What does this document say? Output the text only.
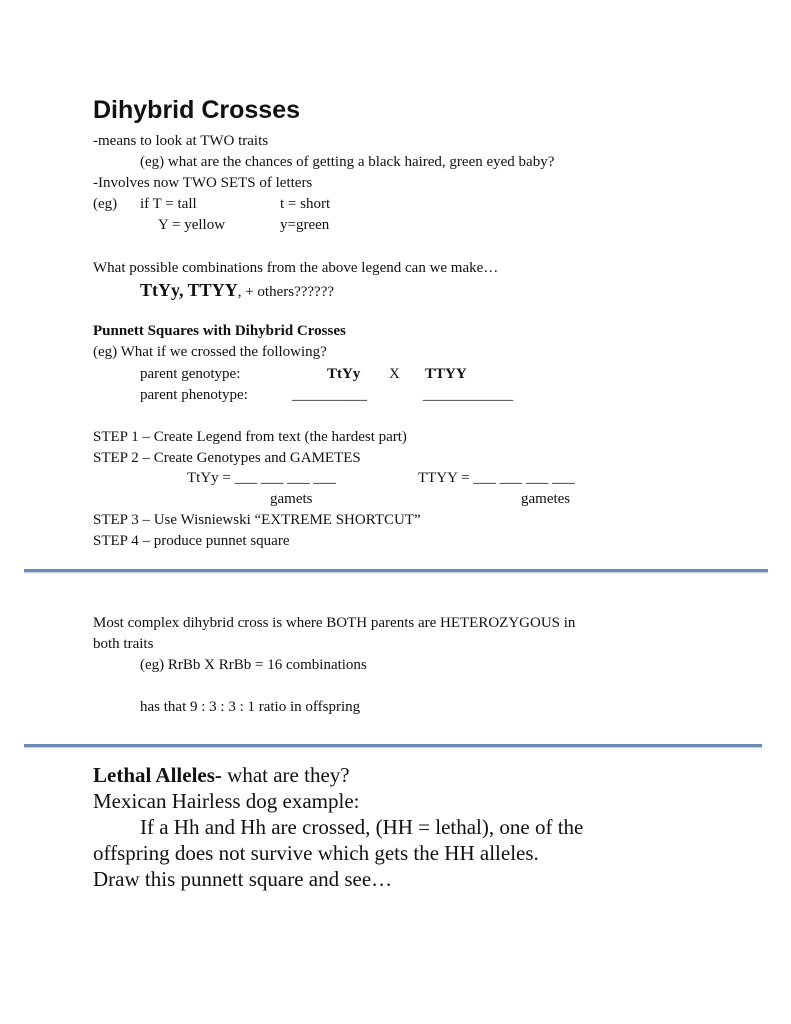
Dihybrid Crosses
-means to look at TWO traits
(eg) what are the chances of getting a black haired, green eyed baby?
-Involves now TWO SETS of letters
(eg) if T = tall	t = short
Y = yellow	y=green
What possible combinations from the above legend can we make…
TtYy, TTYY, + others??????
Punnett Squares with Dihybrid Crosses
(eg) What if we crossed the following?
parent genotype:	TtYy X TTYY
parent phenotype:	__________	____________
STEP 1 – Create Legend from text (the hardest part)
STEP 2 – Create Genotypes and GAMETES
TtYy = ___ ___ ___ ___	TTYY = ___ ___ ___ ___
gamets	gametes
STEP 3 – Use Wisniewski “EXTREME SHORTCUT”
STEP 4 – produce punnet square
Most complex dihybrid cross is where BOTH parents are HETEROZYGOUS in
both traits
(eg) RrBb X RrBb = 16 combinations
has that 9 : 3 : 3 : 1 ratio in offspring
Lethal Alleles- what are they?
Mexican Hairless dog example:
If a Hh and Hh are crossed, (HH = lethal), one of the
offspring does not survive which gets the HH alleles.
Draw this punnett square and see…
